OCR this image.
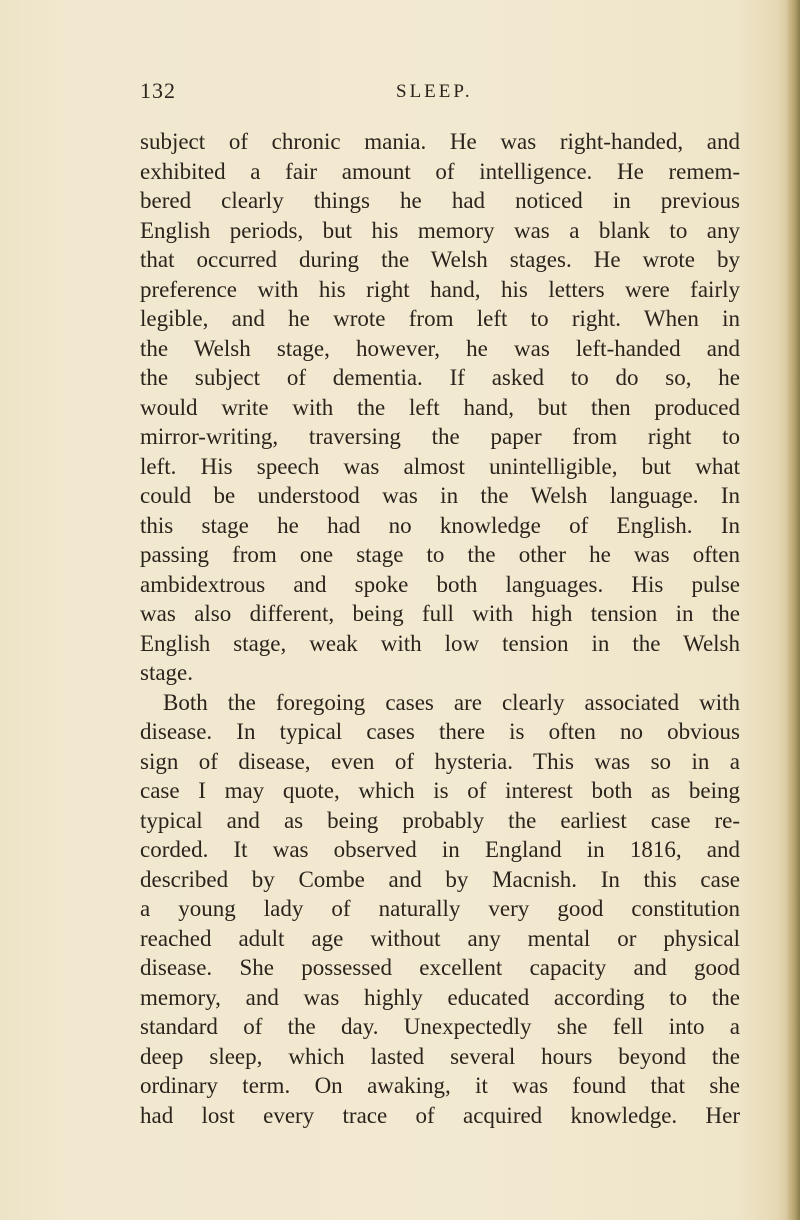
132	SLEEP.
subject of chronic mania. He was right-handed, and
exhibited a fair amount of intelligence. He remem-
bered clearly things he had noticed in previous
English periods, but his memory was a blank to any
that occurred during the Welsh stages. He wrote by
preference with his right hand, his letters were fairly
legible, and he wrote from left to right. When in
the Welsh stage, however, he was left-handed and
the subject of dementia. If asked to do so, he
would write with the left hand, but then produced
mirror-writing, traversing the paper from right to
left. His speech was almost unintelligible, but what
could be understood was in the Welsh language. In
this stage he had no knowledge of English. In
passing from one stage to the other he was often
ambidextrous and spoke both languages. His pulse
was also different, being full with high tension in the
English stage, weak with low tension in the Welsh
stage.
Both the foregoing cases are clearly associated with
disease. In typical cases there is often no obvious
sign of disease, even of hysteria. This was so in a
case I may quote, which is of interest both as being
typical and as being probably the earliest case re-
corded. It was observed in England in 1816, and
described by Combe and by Macnish. In this case
a young lady of naturally very good constitution
reached adult age without any mental or physical
disease. She possessed excellent capacity and good
memory, and was highly educated according to the
standard of the day. Unexpectedly she fell into a
deep sleep, which lasted several hours beyond the
ordinary term. On awaking, it was found that she
had lost every trace of acquired knowledge. Her
